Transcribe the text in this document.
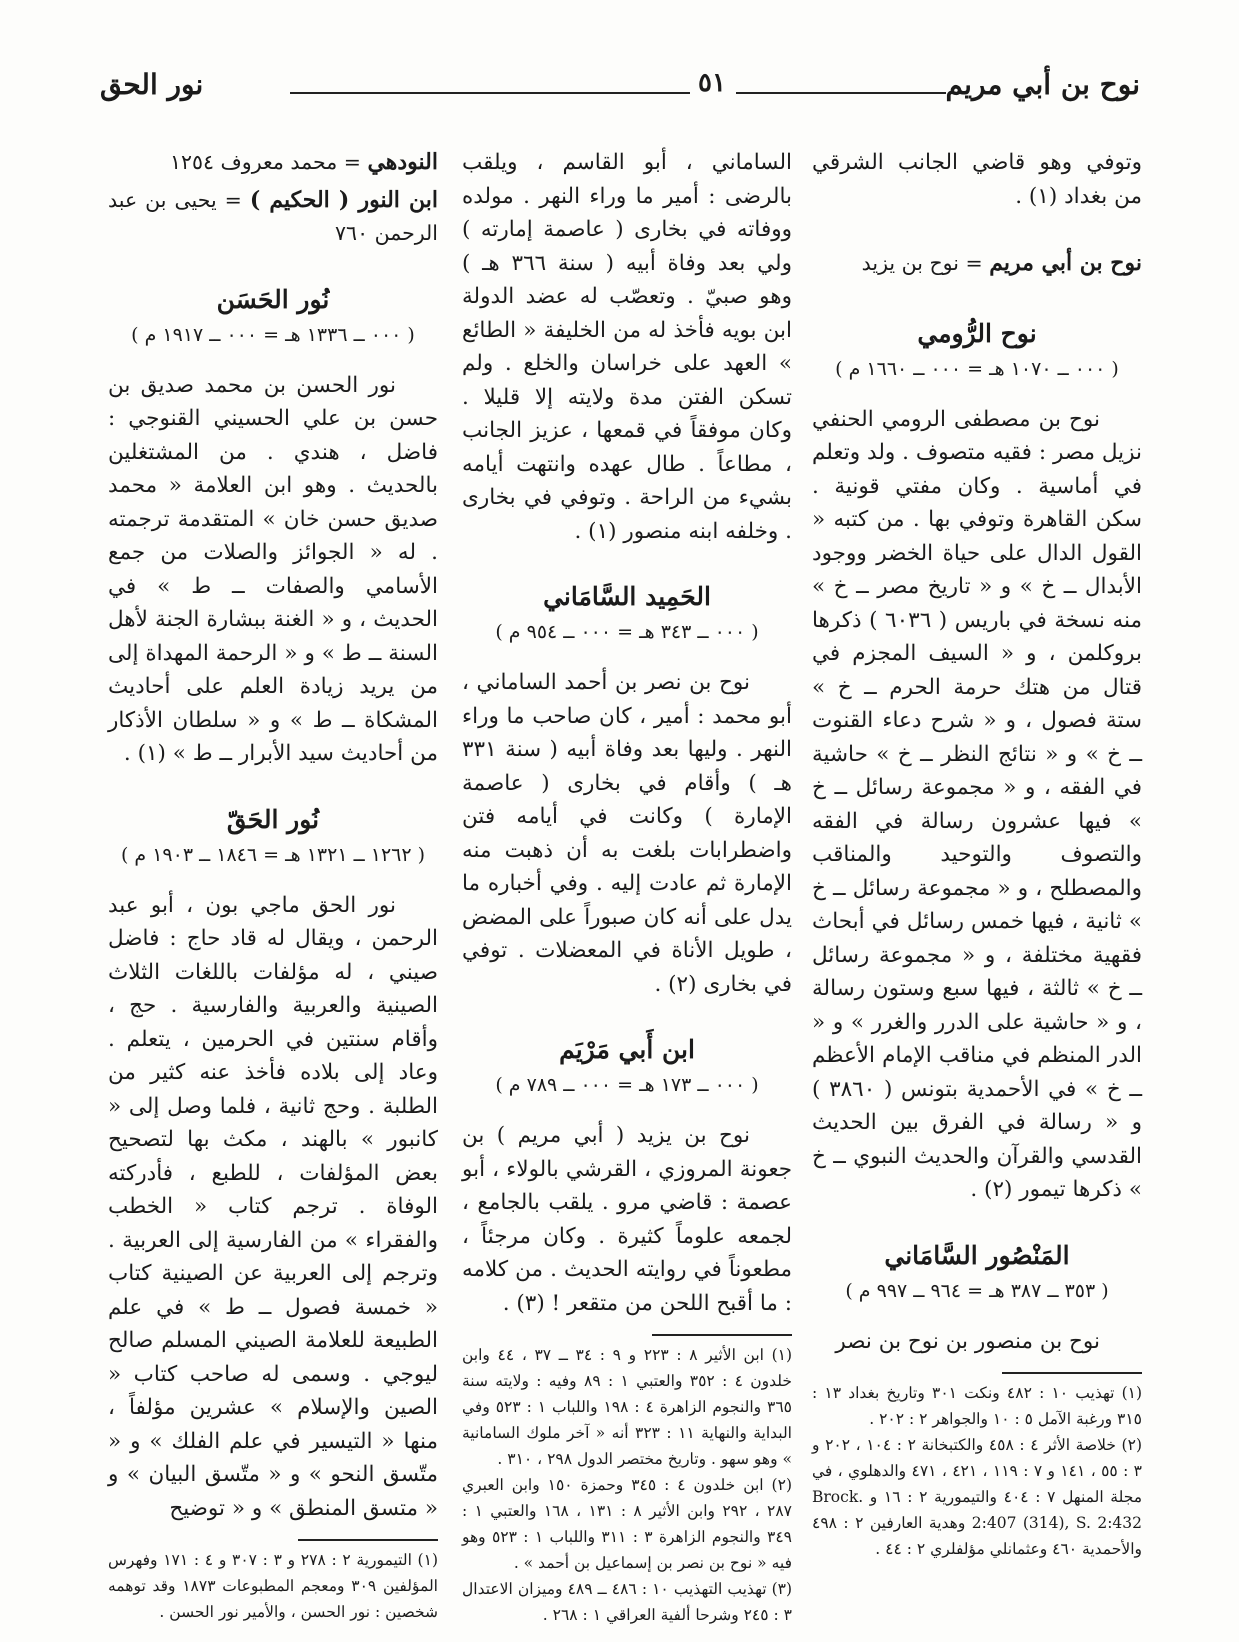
نوح بن أبي مريم
٥١
نور الحق

وتوفي وهو قاضي الجانب الشرقي من بغداد (١) .

نوح بن أبي مريم = نوح بن يزيد

نوح الرُّومي
( ٠٠٠ ــ ١٠٧٠ هـ = ٠٠٠ ــ ١٦٦٠ م )

نوح بن مصطفى الرومي الحنفي نزيل مصر : فقيه متصوف . ولد وتعلم في أماسية . وكان مفتي قونية . سكن القاهرة وتوفي بها . من كتبه « القول الدال على حياة الخضر ووجود الأبدال ــ خ » و « تاريخ مصر ــ خ » منه نسخة في باريس ( ٦٠٣٦ ) ذكرها بروكلمن ، و « السيف المجزم في قتال من هتك حرمة الحرم ــ خ » ستة فصول ، و « شرح دعاء القنوت ــ خ » و « نتائج النظر ــ خ » حاشية في الفقه ، و « مجموعة رسائل ــ خ » فيها عشرون رسالة في الفقه والتصوف والتوحيد والمناقب والمصطلح ، و « مجموعة رسائل ــ خ » ثانية ، فيها خمس رسائل في أبحاث فقهية مختلفة ، و « مجموعة رسائل ــ خ » ثالثة ، فيها سبع وستون رسالة ، و « حاشية على الدرر والغرر » و « الدر المنظم في مناقب الإمام الأعظم ــ خ » في الأحمدية بتونس ( ٣٨٦٠ ) و « رسالة في الفرق بين الحديث القدسي والقرآن والحديث النبوي ــ خ » ذكرها تيمور (٢) .

المَنْصُور السَّامَاني
( ٣٥٣ ــ ٣٨٧ هـ = ٩٦٤ ــ ٩٩٧ م )

نوح بن منصور بن نوح بن نصر

(١) تهذيب ١٠ : ٤٨٢ ونكت ٣٠١ وتاريخ بغداد ١٣ : ٣١٥ ورغبة الآمل ٥ : ١٠ والجواهر ٢ : ٢٠٢ .

(٢) خلاصة الأثر ٤ : ٤٥٨ والكتبخانة ٢ : ١٠٤ ، ٢٠٢ و ٣ : ٥٥ ، ١٤١ و ٧ : ١١٩ ، ٤٢١ ، ٤٧١ والدهلوي ، في مجلة المنهل ٧ : ٤٠٤ والتيمورية ٢ : ١٦ و Brock. 2:407 (314), S. 2:432 وهدية العارفين ٢ : ٤٩٨ والأحمدية ٤٦٠ وعثمانلي مؤلفلري ٢ : ٤٤ .

الساماني ، أبو القاسم ، ويلقب بالرضى : أمير ما وراء النهر . مولده ووفاته في بخارى ( عاصمة إمارته ) ولي بعد وفاة أبيه ( سنة ٣٦٦ هـ ) وهو صبيّ . وتعصّب له عضد الدولة ابن بويه فأخذ له من الخليفة « الطائع » العهد على خراسان والخلع . ولم تسكن الفتن مدة ولايته إلا قليلا . وكان موفقاً في قمعها ، عزيز الجانب ، مطاعاً . طال عهده وانتهت أيامه بشيء من الراحة . وتوفي في بخارى . وخلفه ابنه منصور (١) .

الحَمِيد السَّامَاني
( ٠٠٠ ــ ٣٤٣ هـ = ٠٠٠ ــ ٩٥٤ م )

نوح بن نصر بن أحمد الساماني ، أبو محمد : أمير ، كان صاحب ما وراء النهر . وليها بعد وفاة أبيه ( سنة ٣٣١ هـ ) وأقام في بخارى ( عاصمة الإمارة ) وكانت في أيامه فتن واضطرابات بلغت به أن ذهبت منه الإمارة ثم عادت إليه . وفي أخباره ما يدل على أنه كان صبوراً على المضض ، طويل الأناة في المعضلات . توفي في بخارى (٢) .

ابن أَبي مَرْيَم
( ٠٠٠ ــ ١٧٣ هـ = ٠٠٠ ــ ٧٨٩ م )

نوح بن يزيد ( أبي مريم ) بن جعونة المروزي ، القرشي بالولاء ، أبو عصمة : قاضي مرو . يلقب بالجامع ، لجمعه علوماً كثيرة . وكان مرجئاً ، مطعوناً في روايته الحديث . من كلامه : ما أقبح اللحن من متقعر ! (٣) .

(١) ابن الأثير ٨ : ٢٢٣ و ٩ : ٣٤ ــ ٣٧ ، ٤٤ وابن خلدون ٤ : ٣٥٢ والعتبي ١ : ٨٩ وفيه : ولايته سنة ٣٦٥ والنجوم الزاهرة ٤ : ١٩٨ واللباب ١ : ٥٢٣ وفي البداية والنهاية ١١ : ٣٢٣ أنه « آخر ملوك السامانية » وهو سهو . وتاريخ مختصر الدول ٢٩٨ ، ٣١٠ .

(٢) ابن خلدون ٤ : ٣٤٥ وحمزة ١٥٠ وابن العبري ٢٨٧ ، ٢٩٢ وابن الأثير ٨ : ١٣١ ، ١٦٨ والعتبي ١ : ٣٤٩ والنجوم الزاهرة ٣ : ٣١١ واللباب ١ : ٥٢٣ وهو فيه « نوح بن نصر بن إسماعيل بن أحمد » .

(٣) تهذيب التهذيب ١٠ : ٤٨٦ ــ ٤٨٩ وميزان الاعتدال ٣ : ٢٤٥ وشرحا ألفية العراقي ١ : ٢٦٨ .

النودهي = محمد معروف ١٢٥٤

ابن النور ( الحكيم ) = يحيى بن عبد الرحمن ٧٦٠

نُور الحَسَن
( ٠٠٠ ــ ١٣٣٦ هـ = ٠٠٠ ــ ١٩١٧ م )

نور الحسن بن محمد صديق بن حسن بن علي الحسيني القنوجي : فاضل ، هندي . من المشتغلين بالحديث . وهو ابن العلامة « محمد صديق حسن خان » المتقدمة ترجمته . له « الجوائز والصلات من جمع الأسامي والصفات ــ ط » في الحديث ، و « الغنة ببشارة الجنة لأهل السنة ــ ط » و « الرحمة المهداة إلى من يريد زيادة العلم على أحاديث المشكاة ــ ط » و « سلطان الأذكار من أحاديث سيد الأبرار ــ ط » (١) .

نُور الحَقّ
( ١٢٦٢ ــ ١٣٢١ هـ = ١٨٤٦ ــ ١٩٠٣ م )

نور الحق ماجي بون ، أبو عبد الرحمن ، ويقال له قاد حاج : فاضل صيني ، له مؤلفات باللغات الثلاث الصينية والعربية والفارسية . حج ، وأقام سنتين في الحرمين ، يتعلم . وعاد إلى بلاده فأخذ عنه كثير من الطلبة . وحج ثانية ، فلما وصل إلى « كانبور » بالهند ، مكث بها لتصحيح بعض المؤلفات ، للطبع ، فأدركته الوفاة . ترجم كتاب « الخطب والفقراء » من الفارسية إلى العربية . وترجم إلى العربية عن الصينية كتاب « خمسة فصول ــ ط » في علم الطبيعة للعلامة الصيني المسلم صالح ليوجي . وسمى له صاحب كتاب « الصين والإسلام » عشرين مؤلفاً ، منها « التيسير في علم الفلك » و « متّسق النحو » و « متّسق البيان » و « متسق المنطق » و « توضيح

(١) التيمورية ٢ : ٢٧٨ و ٣ : ٣٠٧ و ٤ : ١٧١ وفهرس المؤلفين ٣٠٩ ومعجم المطبوعات ١٨٧٣ وقد توهمه شخصين : نور الحسن ، والأمير نور الحسن .
